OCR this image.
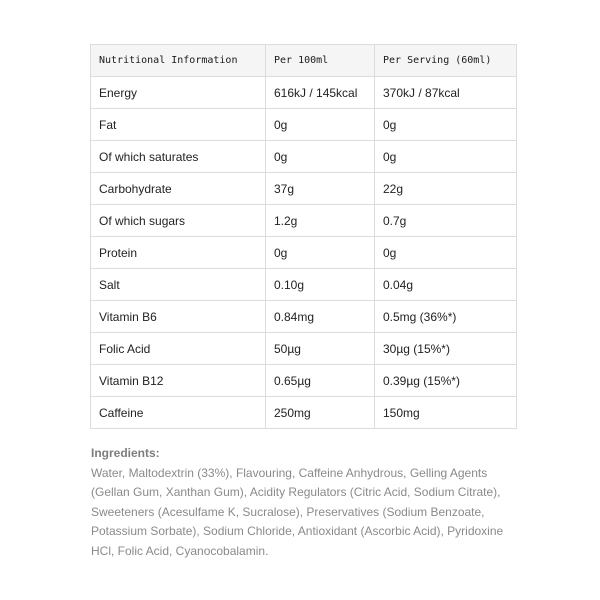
Nutritional Information	Per 100ml	Per Serving (60ml)
Energy	616kJ / 145kcal	370kJ / 87kcal
Fat	0g	0g
Of which saturates	0g	0g
Carbohydrate	37g	22g
Of which sugars	1.2g	0.7g
Protein	0g	0g
Salt	0.10g	0.04g
Vitamin B6	0.84mg	0.5mg (36%*)
Folic Acid	50µg	30µg (15%*)
Vitamin B12	0.65µg	0.39µg (15%*)
Caffeine	250mg	150mg
Ingredients:
Water, Maltodextrin (33%), Flavouring, Caffeine Anhydrous, Gelling Agents (Gellan Gum, Xanthan Gum), Acidity Regulators (Citric Acid, Sodium Citrate), Sweeteners (Acesulfame K, Sucralose), Preservatives (Sodium Benzoate, Potassium Sorbate), Sodium Chloride, Antioxidant (Ascorbic Acid), Pyridoxine HCl, Folic Acid, Cyanocobalamin.
